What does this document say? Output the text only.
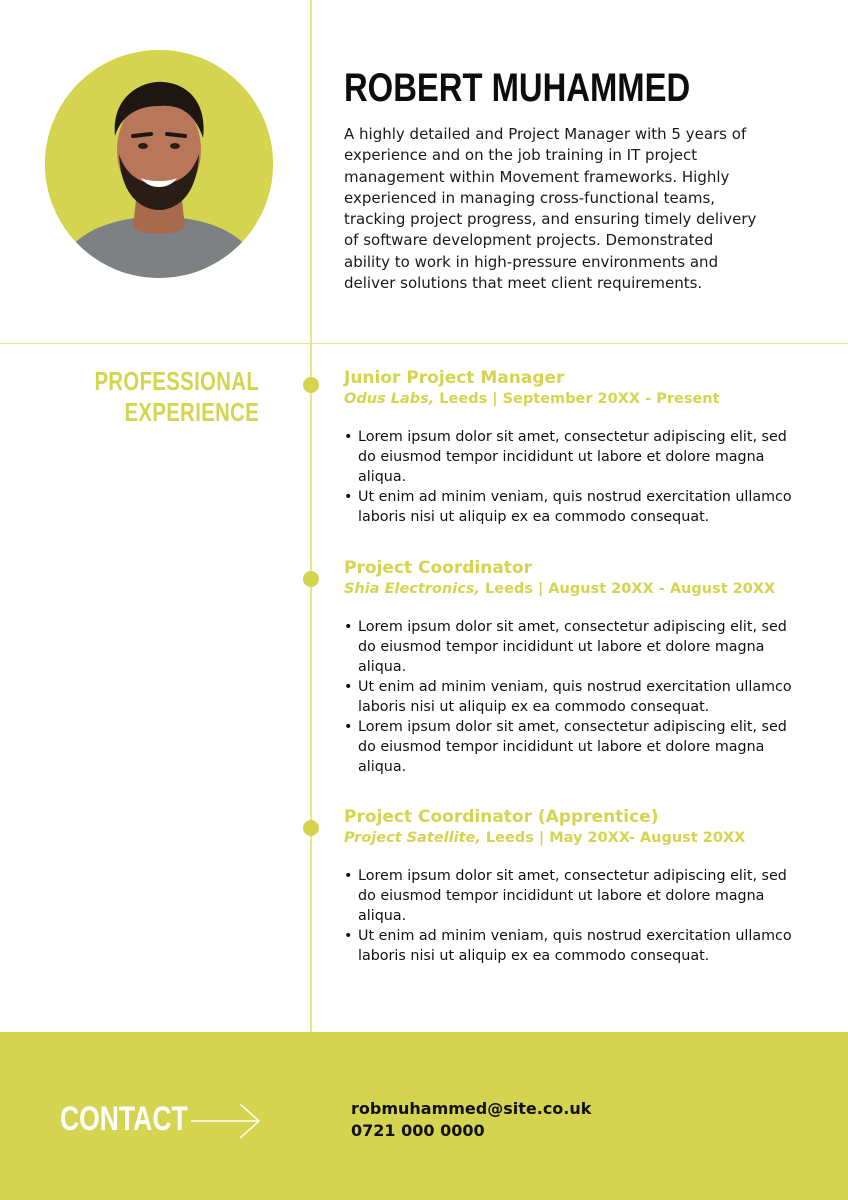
ROBERT MUHAMMED

A highly detailed and Project Manager with 5 years of experience and on the job training in IT project management within Movement frameworks. Highly experienced in managing cross-functional teams, tracking project progress, and ensuring timely delivery of software development projects. Demonstrated ability to work in high-pressure environments and deliver solutions that meet client requirements.

PROFESSIONAL
EXPERIENCE

Junior Project Manager

Odus Labs, Leeds | September 20XX - Present

• Lorem ipsum dolor sit amet, consectetur adipiscing elit, sed do eiusmod tempor incididunt ut labore et dolore magna aliqua.
• Ut enim ad minim veniam, quis nostrud exercitation ullamco laboris nisi ut aliquip ex ea commodo consequat.

Project Coordinator

Shia Electronics, Leeds | August 20XX - August 20XX

• Lorem ipsum dolor sit amet, consectetur adipiscing elit, sed do eiusmod tempor incididunt ut labore et dolore magna aliqua.
• Ut enim ad minim veniam, quis nostrud exercitation ullamco laboris nisi ut aliquip ex ea commodo consequat.
• Lorem ipsum dolor sit amet, consectetur adipiscing elit, sed do eiusmod tempor incididunt ut labore et dolore magna aliqua.

Project Coordinator (Apprentice)

Project Satellite, Leeds | May 20XX- August 20XX

• Lorem ipsum dolor sit amet, consectetur adipiscing elit, sed do eiusmod tempor incididunt ut labore et dolore magna aliqua.
• Ut enim ad minim veniam, quis nostrud exercitation ullamco laboris nisi ut aliquip ex ea commodo consequat.
CONTACT	robmuhammed@site.co.uk
0721 000 0000
